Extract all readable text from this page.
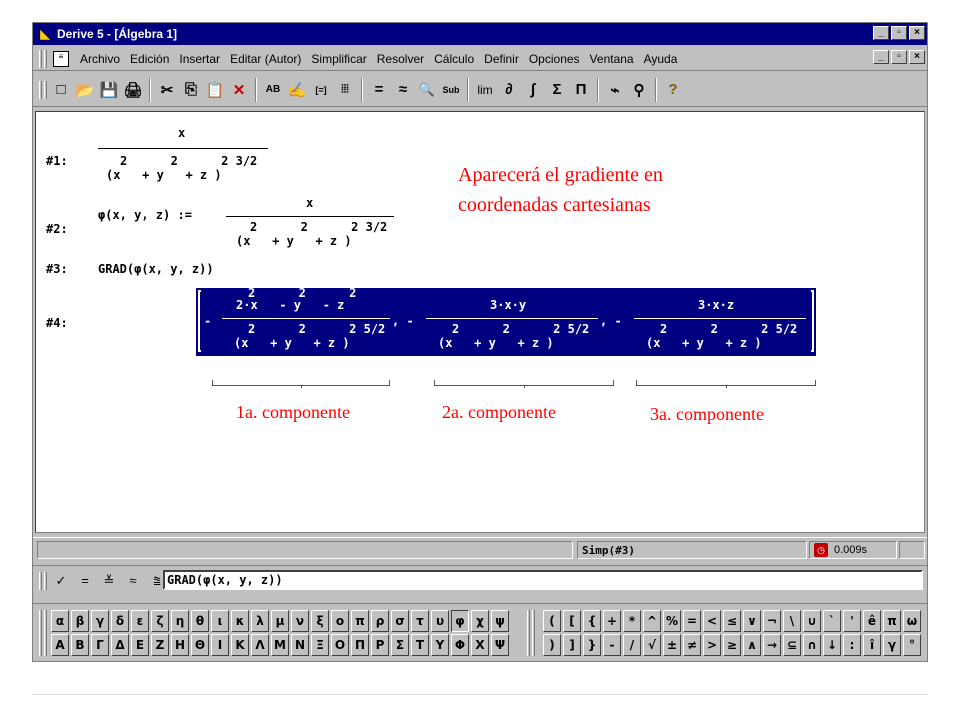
◣ Derive 5 - [Álgebra 1]	_	▫	×
≡	Archivo Edición Insertar Editar (Autor) Simplificar Resolver Cálculo Definir Opciones Ventana Ayuda	_	▫	×
□ 📂 💾 🖨	✂ ⎘ 📋 ✕	AB ✍	[=]	⦙⦙⦙	=	≈ 🔍 Sub	lim ∂	∫	Σ Π	⌁ ⚲	?
#1:
x
2      2      2 3/2
(x   + y   + z )
#2:
φ(x, y, z) :=
x
2      2      2 3/2
(x   + y   + z )
#3:	GRAD(φ(x, y, z))
#4:	-
2      2      2
2·x   - y   - z
2      2      2 5/2
(x   + y   + z )
, -
3·x·y
2      2      2 5/2
(x   + y   + z )
, -
3·x·z
2      2      2 5/2
(x   + y   + z )
Aparecerá el gradiente en
coordenadas cartesianas
1a. componente	2a. componente	3a. componente
Simp(#3)	◷ 0.009s
✓	=	≚	≈	⩰ GRAD(φ(x, y, z))
α β γ δ	ε	ζ	η θ	ι	κ λ μ ν	ξ	ο π ρ σ τ	υ φ χ ψ
Α Β Γ Δ Ε Ζ Η Θ	Ι	Κ Λ Μ Ν Ξ Ο Π Ρ Σ Τ Υ Φ Χ Ψ
(	[	{ + * ^ % = < ≤ ∨ ¬	\	∪	`	'	ê π ω
)	]	}	-	/	√ ± ≠ > ≥ ∧ → ⊆ ∩ ↓	:	î	γ	°
